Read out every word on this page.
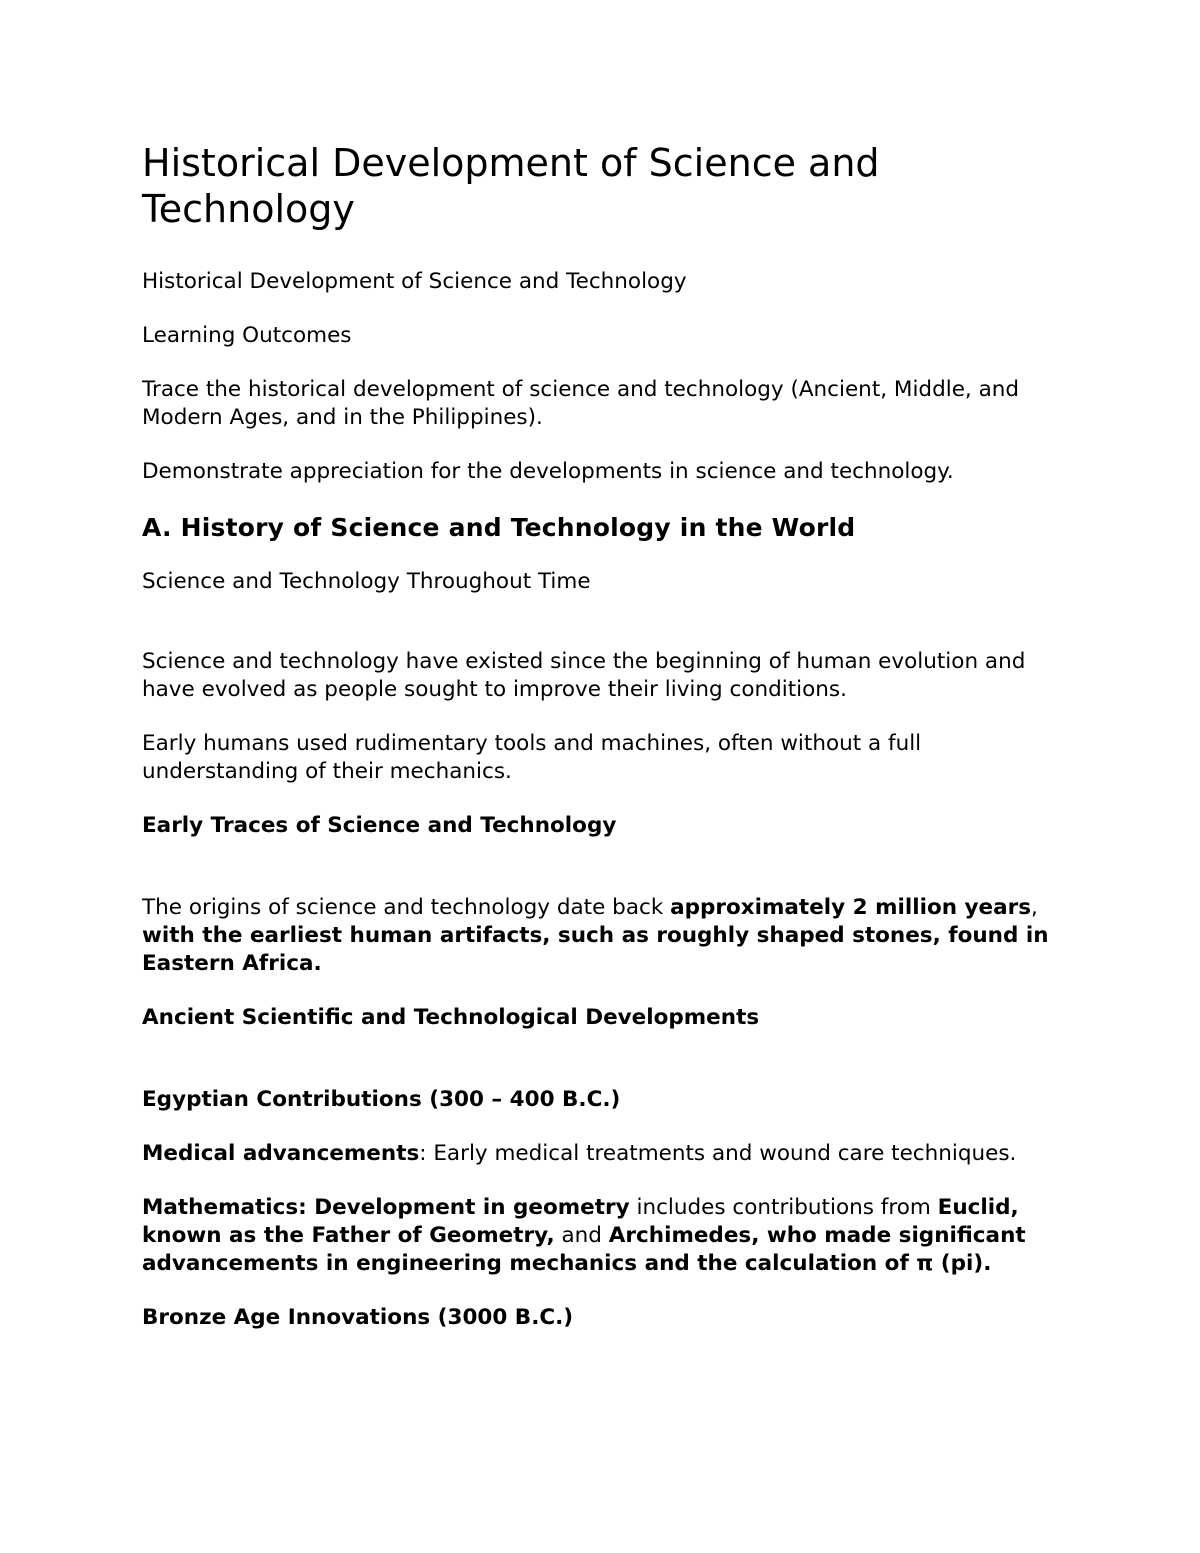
Historical Development of Science and Technology
Historical Development of Science and Technology
Learning Outcomes
Trace the historical development of science and technology (Ancient, Middle, and Modern Ages, and in the Philippines).
Demonstrate appreciation for the developments in science and technology.
A. History of Science and Technology in the World
Science and Technology Throughout Time
Science and technology have existed since the beginning of human evolution and have evolved as people sought to improve their living conditions.
Early humans used rudimentary tools and machines, often without a full understanding of their mechanics.
Early Traces of Science and Technology
The origins of science and technology date back approximately 2 million years, with the earliest human artifacts, such as roughly shaped stones, found in Eastern Africa.
Ancient Scientific and Technological Developments
Egyptian Contributions (300 – 400 B.C.)
Medical advancements: Early medical treatments and wound care techniques.
Mathematics: Development in geometry includes contributions from Euclid, known as the Father of Geometry, and Archimedes, who made significant advancements in engineering mechanics and the calculation of π (pi).
Bronze Age Innovations (3000 B.C.)
